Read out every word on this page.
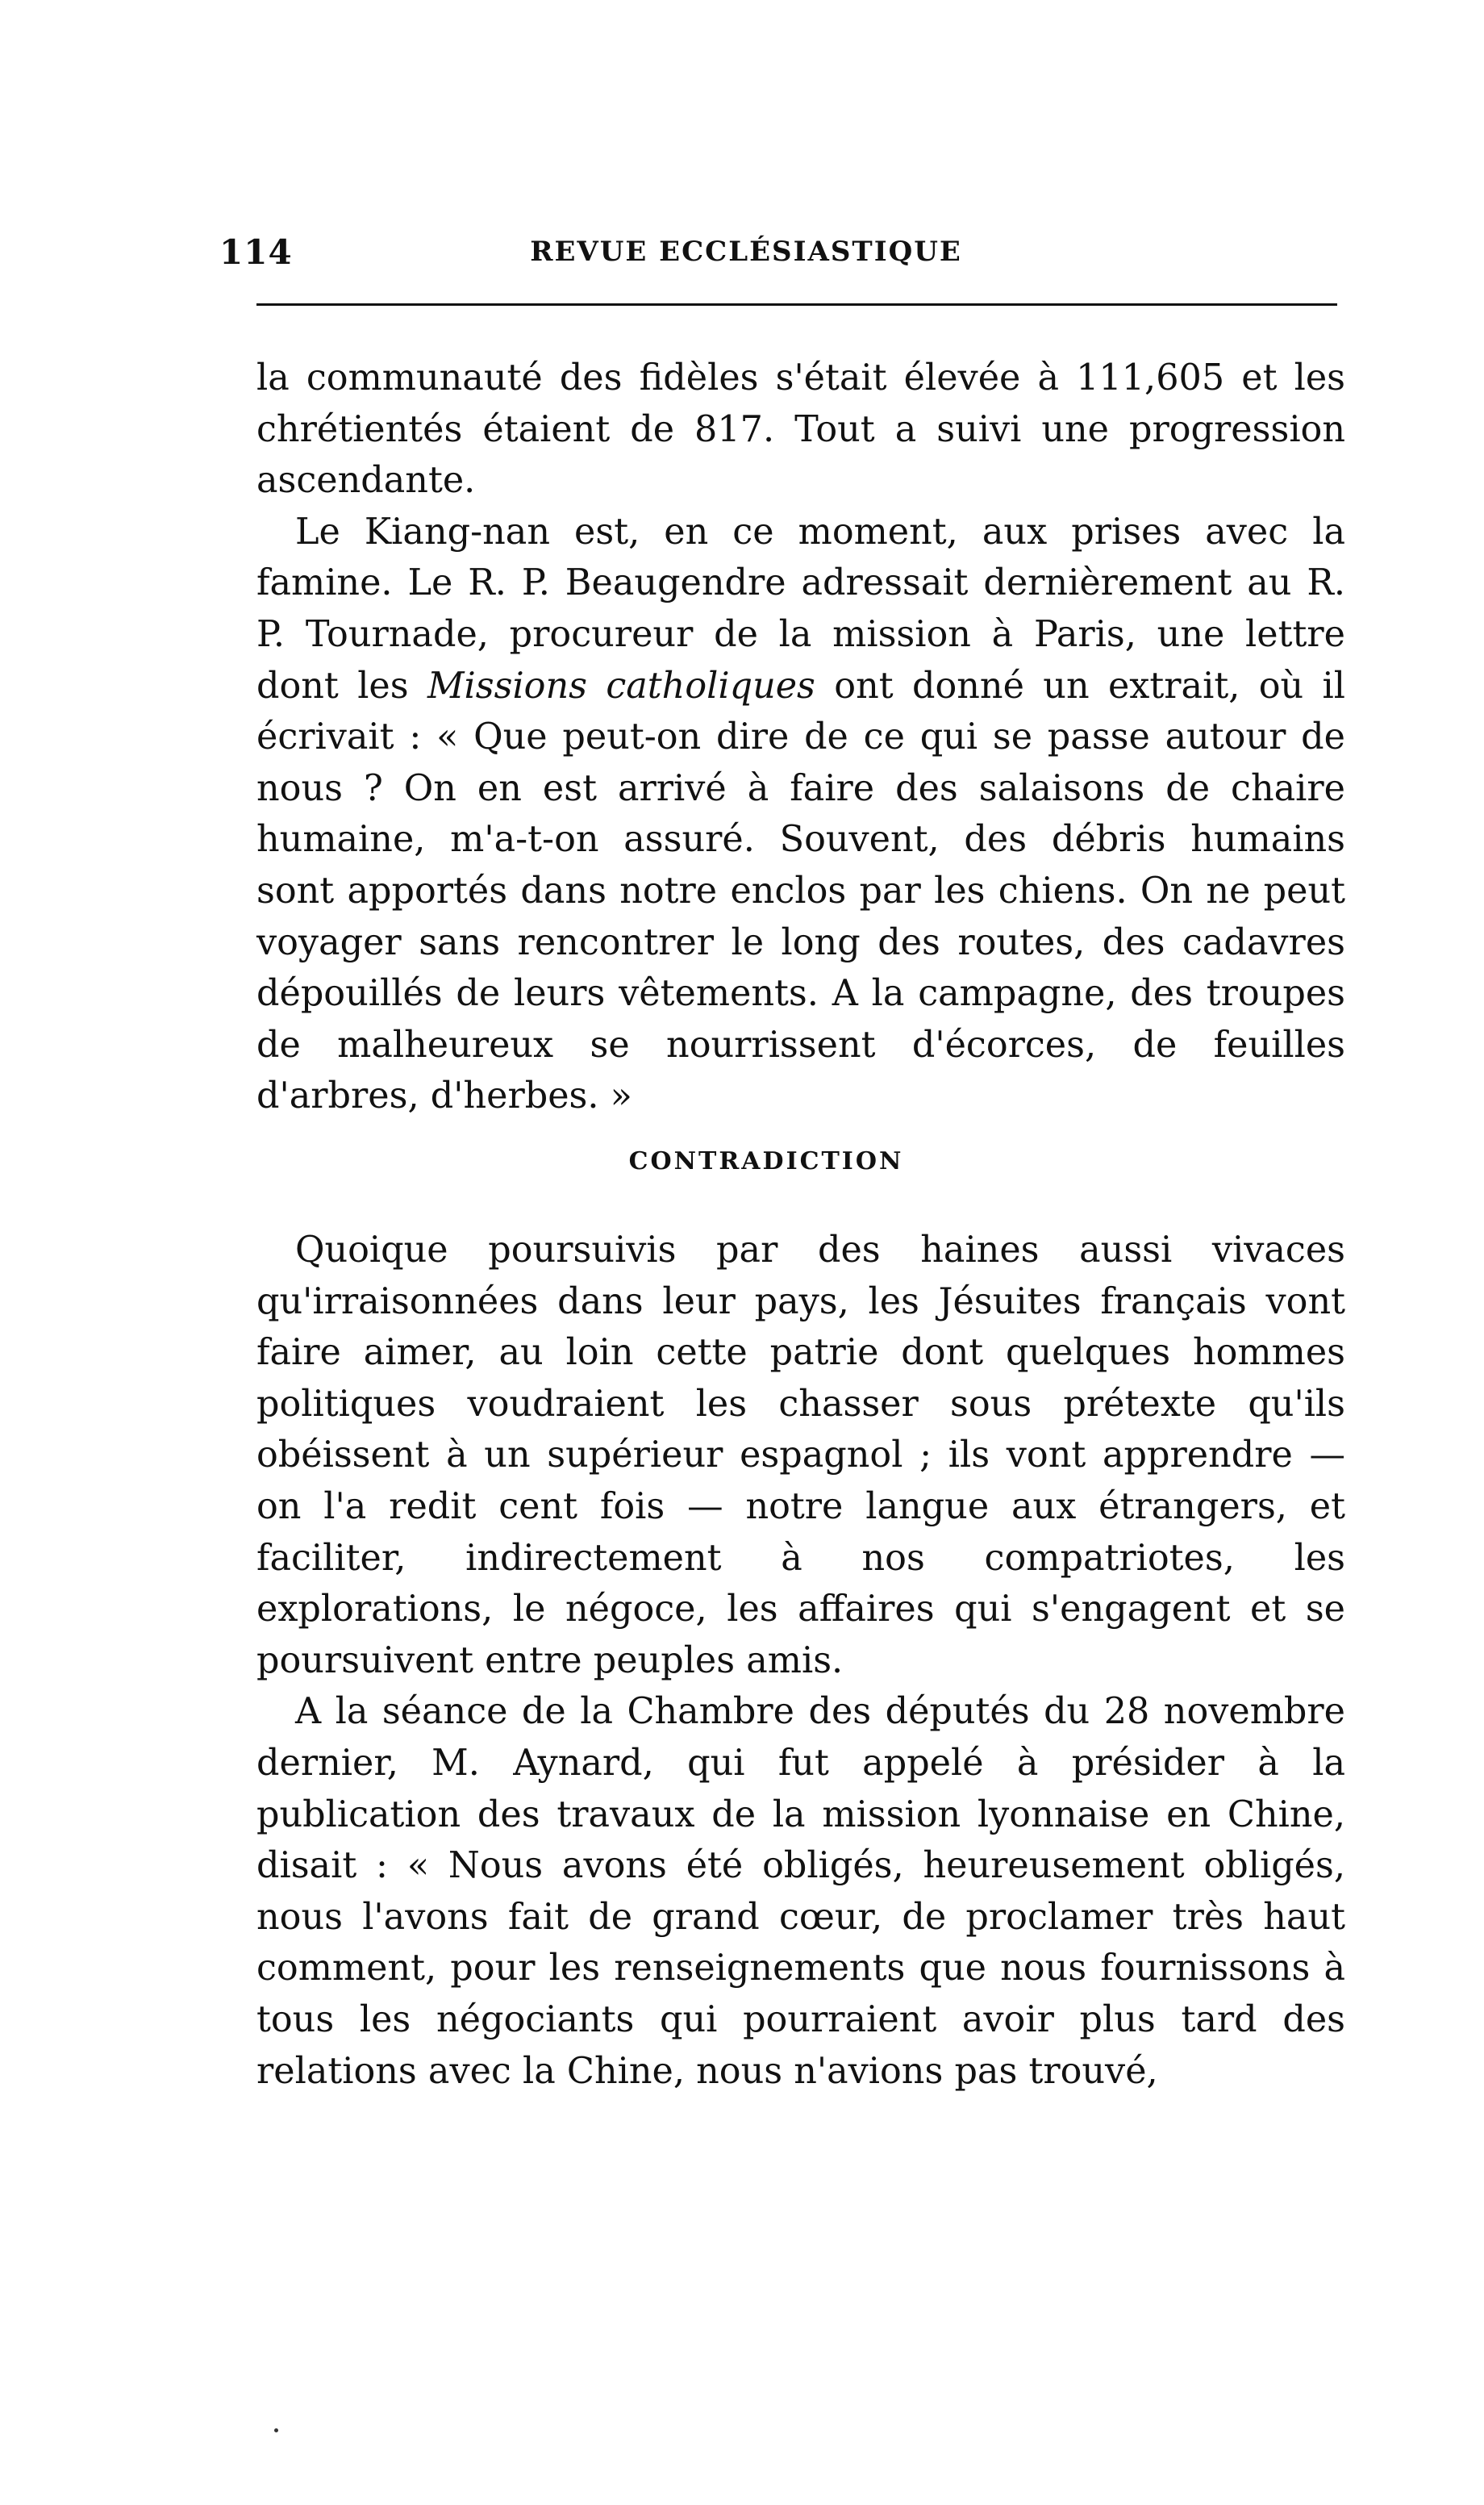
114	REVUE ECCLÉSIASTIQUE

la communauté des fidèles s'était élevée à 111,605 et les chrétientés étaient de 817. Tout a suivi une progression ascendante.

Le Kiang-nan est, en ce moment, aux prises avec la famine. Le R. P. Beaugendre adressait dernièrement au R. P. Tournade, procureur de la mission à Paris, une lettre dont les Missions catholiques ont donné un extrait, où il écrivait : « Que peut-on dire de ce qui se passe autour de nous ? On en est arrivé à faire des salaisons de chaire humaine, m'a-t-on assuré. Souvent, des débris humains sont apportés dans notre enclos par les chiens. On ne peut voyager sans rencontrer le long des routes, des cadavres dépouillés de leurs vêtements. A la campagne, des troupes de malheureux se nourrissent d'écorces, de feuilles d'arbres, d'herbes. »

CONTRADICTION

Quoique poursuivis par des haines aussi vivaces qu'irraisonnées dans leur pays, les Jésuites français vont faire aimer, au loin cette patrie dont quelques hommes politiques voudraient les chasser sous prétexte qu'ils obéissent à un supérieur espagnol ; ils vont apprendre — on l'a redit cent fois — notre langue aux étrangers, et faciliter, indirectement à nos compatriotes, les explorations, le négoce, les affaires qui s'engagent et se poursuivent entre peuples amis.

A la séance de la Chambre des députés du 28 novembre dernier, M. Aynard, qui fut appelé à présider à la publication des travaux de la mission lyonnaise en Chine, disait : « Nous avons été obligés, heureusement obligés, nous l'avons fait de grand cœur, de proclamer très haut comment, pour les renseignements que nous fournissons à tous les négociants qui pourraient avoir plus tard des relations avec la Chine, nous n'avions pas trouvé,
